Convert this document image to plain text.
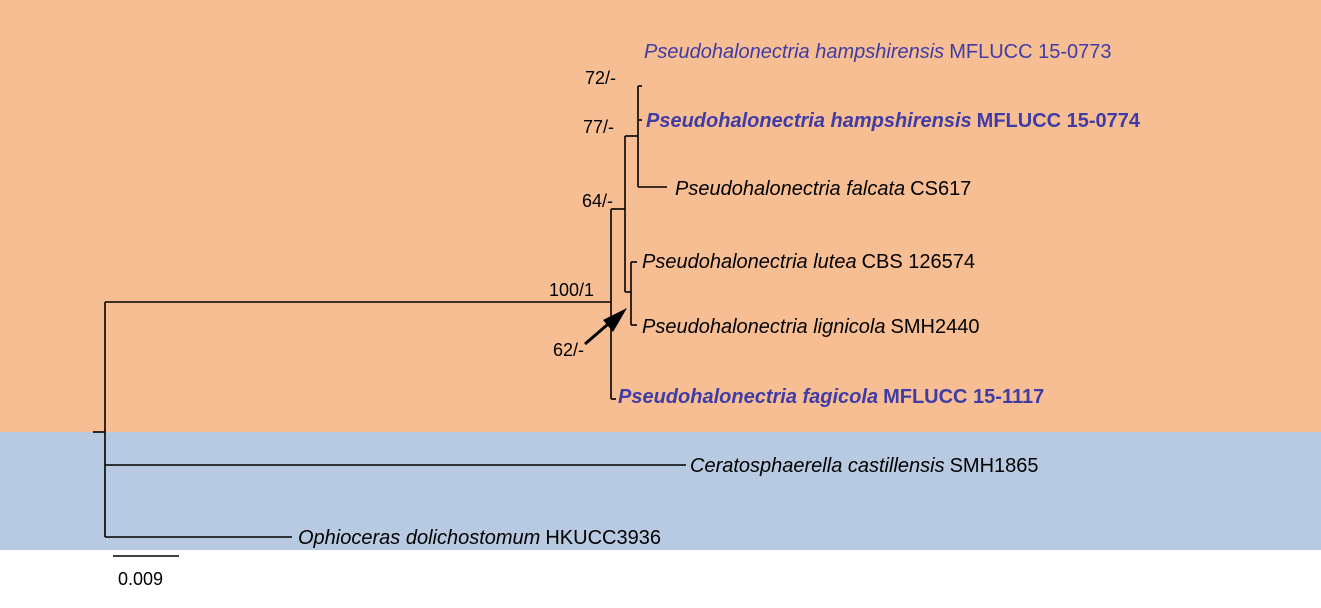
Pseudohalonectria hampshirensis MFLUCC 15-0773
Pseudohalonectria hampshirensis MFLUCC 15-0774
Pseudohalonectria falcata CS617
Pseudohalonectria lutea CBS 126574
Pseudohalonectria lignicola SMH2440
Pseudohalonectria fagicola MFLUCC 15-1117
Ceratosphaerella castillensis SMH1865
Ophioceras dolichostomum HKUCC3936
72/-
77/-
64/-
100/1
62/-
0.009
